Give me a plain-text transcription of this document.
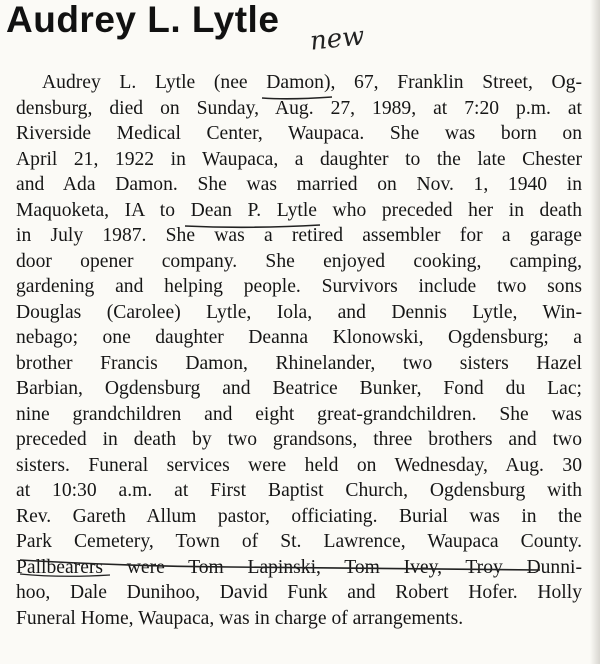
Audrey L. Lytle new
Audrey L. Lytle (nee Damon), 67, Franklin Street, Og-
densburg, died on Sunday, Aug. 27, 1989, at 7:20 p.m. at
Riverside Medical Center, Waupaca. She was born on
April 21, 1922 in Waupaca, a daughter to the late Chester
and Ada Damon. She was married on Nov. 1, 1940 in
Maquoketa, IA to Dean P. Lytle who preceded her in death
in July 1987. She was a retired assembler for a garage
door opener company. She enjoyed cooking, camping,
gardening and helping people. Survivors include two sons
Douglas (Carolee) Lytle, Iola, and Dennis Lytle, Win-
nebago; one daughter Deanna Klonowski, Ogdensburg; a
brother Francis Damon, Rhinelander, two sisters Hazel
Barbian, Ogdensburg and Beatrice Bunker, Fond du Lac;
nine grandchildren and eight great-grandchildren. She was
preceded in death by two grandsons, three brothers and two
sisters. Funeral services were held on Wednesday, Aug. 30
at 10:30 a.m. at First Baptist Church, Ogdensburg with
Rev. Gareth Allum pastor, officiating. Burial was in the
Park Cemetery, Town of St. Lawrence, Waupaca County.
Pallbearers were Tom Lapinski, Tom Ivey, Troy Dunni-
hoo, Dale Dunihoo, David Funk and Robert Hofer. Holly
Funeral Home, Waupaca, was in charge of arrangements.
